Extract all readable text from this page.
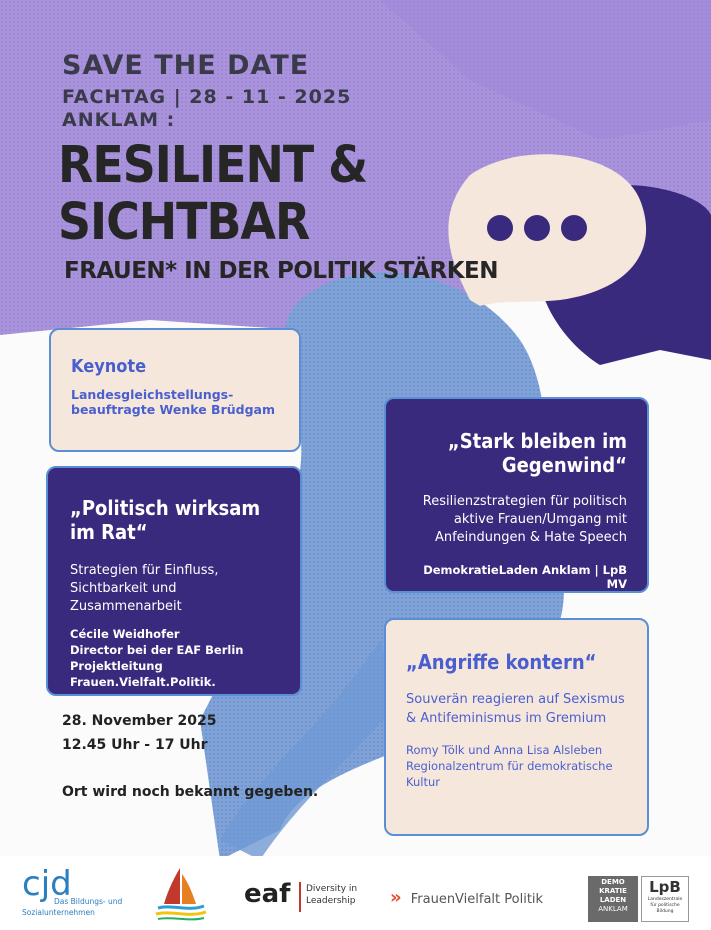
SAVE THE DATE
FACHTAG | 28 - 11 - 2025
ANKLAM :
RESILIENT &
SICHTBAR
FRAUEN* IN DER POLITIK STÄRKEN
Keynote
Landesgleichstellungs- beauftragte Wenke Brüdgam
„Politisch wirksam im Rat“
Strategien für Einfluss, Sichtbarkeit und Zusammenarbeit
Cécile Weidhofer
Director bei der EAF Berlin
Projektleitung Frauen.Vielfalt.Politik.
„Stark bleiben im Gegenwind“
Resilienzstrategien für politisch aktive Frauen/Umgang mit Anfeindungen & Hate Speech
DemokratieLaden Anklam | LpB MV
„Angriffe kontern“
Souverän reagieren auf Sexismus & Antifeminismus im Gremium
Romy Tölk und Anna Lisa Alsleben Regionalzentrum für demokratische Kultur
28. November 2025
12.45 Uhr - 17 Uhr
Ort wird noch bekannt gegeben.
cjd
Das Bildungs- und
Sozialunternehmen
eaf Diversity in
Leadership » FrauenVielfalt Politik
DEMO
KRATIE
LADEN
ANKLAM
LpB
Landeszentrale für politische Bildung
